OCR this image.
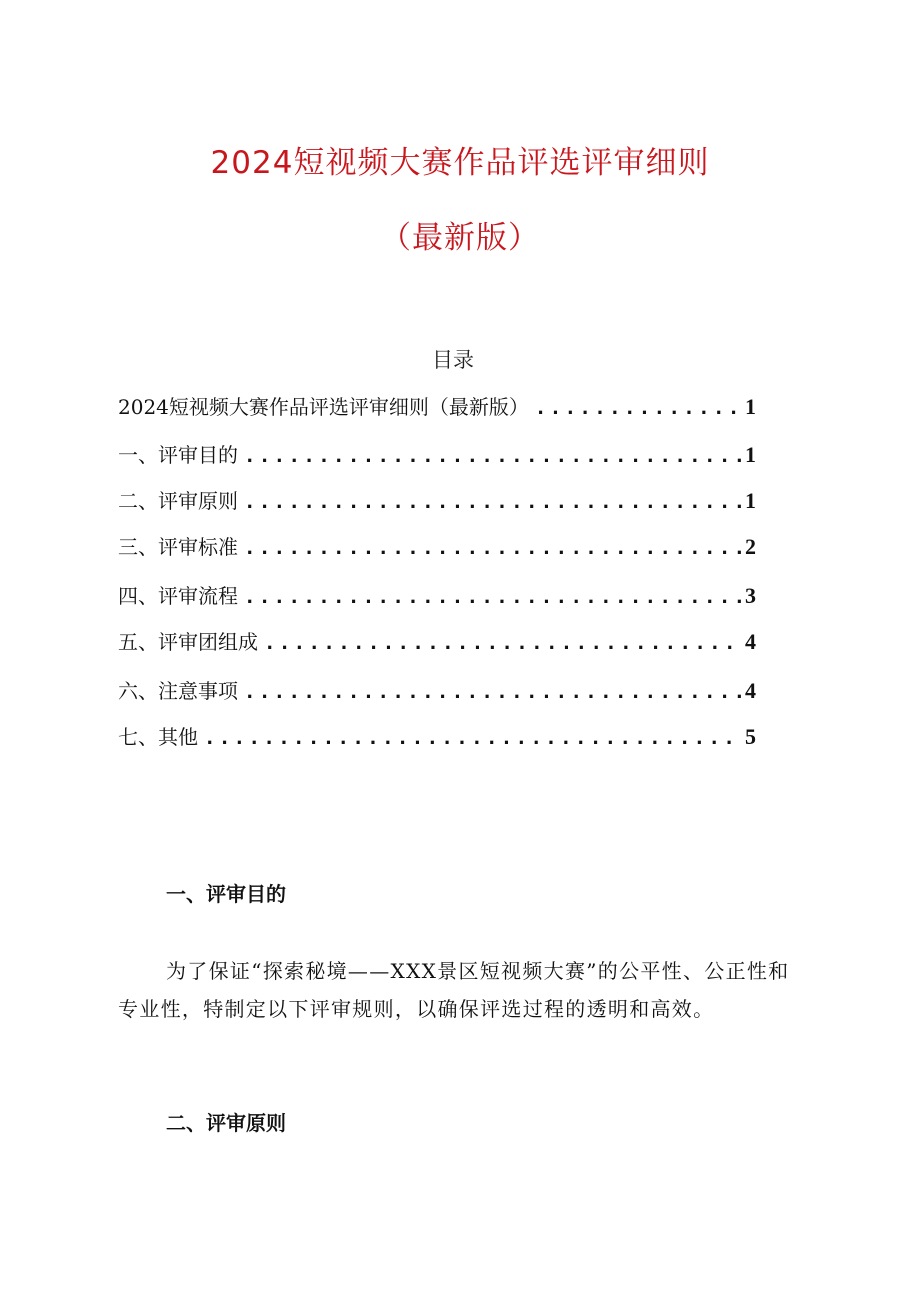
2024短视频大赛作品评选评审细则
（最新版）
目录
2024短视频大赛作品评选评审细则（最新版） .....	1
一、评审目的 .....	1
二、评审原则 .....	1
三、评审标准 .....	2
四、评审流程 .....	3
五、评审团组成 .....	4
六、注意事项 .....	4
七、其他 .....	5
一、评审目的
为了保证“探索秘境——XXX景区短视频大赛”的公平性、公正性和专业性，特制定以下评审规则，以确保评选过程的透明和高效。
二、评审原则
